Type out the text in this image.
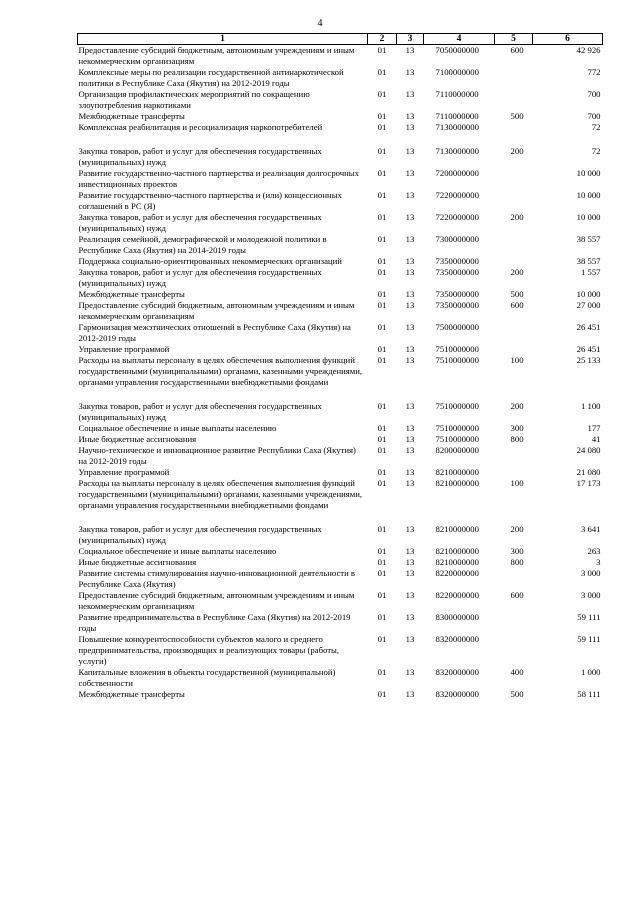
4
1	2	3	4	5	6
Предоставление субсидий бюджетным, автономным учреждениям и иным некоммерческим организациям	01	13	7050000000	600	42 926
Комплексные меры по реализации государственной антинаркотической политики в Республике Саха (Якутия) на 2012-2019 годы	01	13	7100000000		772
Организация профилактических мероприятий по сокращению злоупотребления наркотиками	01	13	7110000000		700
Межбюджетные трансферты	01	13	7110000000	500	700
Комплексная реабилитация и ресоциализация наркопотребителей	01	13	7130000000		72

Закупка товаров, работ и услуг для обеспечения государственных (муниципальных) нужд	01	13	7130000000	200	72
Развитие государственно-частного партнерства и реализация долгосрочных инвестиционных проектов	01	13	7200000000		10 000
Развитие государственно-частного партнерства и (или) концессионных соглашений в РС (Я)	01	13	7220000000		10 000
Закупка товаров, работ и услуг для обеспечения государственных (муниципальных) нужд	01	13	7220000000	200	10 000
Реализация семейной, демографической и молодежной политики в Республике Саха (Якутия) на 2014-2019 годы	01	13	7300000000		38 557
Поддержка социально-ориентированных некоммерческих организаций	01	13	7350000000		38 557
Закупка товаров, работ и услуг для обеспечения государственных (муниципальных) нужд	01	13	7350000000	200	1 557
Межбюджетные трансферты	01	13	7350000000	500	10 000
Предоставление субсидий бюджетным, автономным учреждениям и иным некоммерческим организациям	01	13	7350000000	600	27 000
Гармонизация межэтнических отношений в Республике Саха (Якутия) на 2012-2019 годы	01	13	7500000000		26 451
Управление программой	01	13	7510000000		26 451
Расходы на выплаты персоналу в целях обеспечения выполнения функций государственными (муниципальными) органами, казенными учреждениями, органами управления государственными внебюджетными фондами	01	13	7510000000	100	25 133

Закупка товаров, работ и услуг для обеспечения государственных (муниципальных) нужд	01	13	7510000000	200	1 100
Социальное обеспечение и иные выплаты населению	01	13	7510000000	300	177
Иные бюджетные ассигнования	01	13	7510000000	800	41
Научно-техническое и инновационное развитие Республики Саха (Якутия) на 2012-2019 годы	01	13	8200000000		24 080
Управление программой	01	13	8210000000		21 080
Расходы на выплаты персоналу в целях обеспечения выполнения функций государственными (муниципальными) органами, казенными учреждениями, органами управления государственными внебюджетными фондами	01	13	8210000000	100	17 173

Закупка товаров, работ и услуг для обеспечения государственных (муниципальных) нужд	01	13	8210000000	200	3 641
Социальное обеспечение и иные выплаты населению	01	13	8210000000	300	263
Иные бюджетные ассигнования	01	13	8210000000	800	3
Развитие системы стимулирования научно-инновационной деятельности в Республике Саха (Якутия)	01	13	8220000000		3 000
Предоставление субсидий бюджетным, автономным учреждениям и иным некоммерческим организациям	01	13	8220000000	600	3 000
Развитие предпринимательства в Республике Саха (Якутия) на 2012-2019 годы	01	13	8300000000		59 111
Повышение конкурентоспособности субъектов малого и среднего предпринимательства, производящих и реализующих товары (работы, услуги)	01	13	8320000000		59 111
Капитальные вложения в объекты государственной (муниципальной) собственности	01	13	8320000000	400	1 000
Межбюджетные трансферты	01	13	8320000000	500	58 111
